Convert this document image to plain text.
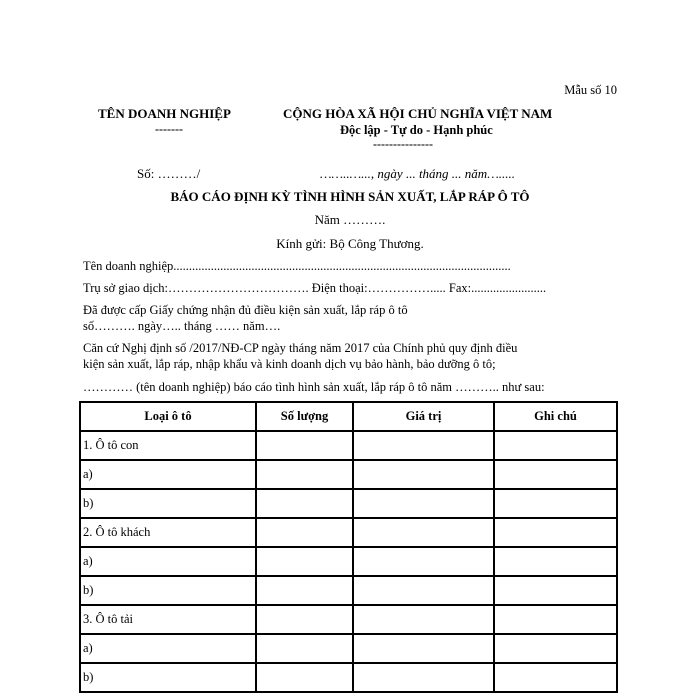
Mẫu số 10
TÊN DOANH NGHIỆP
-------
CỘNG HÒA XÃ HỘI CHỦ NGHĨA VIỆT NAM
Độc lập - Tự do - Hạnh phúc
---------------
Số: ………/	……..…..., ngày ... tháng ... năm….....
BÁO CÁO ĐỊNH KỲ TÌNH HÌNH SẢN XUẤT, LẮP RÁP Ô TÔ
Năm ……….
Kính gửi: Bộ Công Thương.
Tên doanh nghiệp............................................................................................................
Trụ sở giao dịch:……………………………. Điện thoại:……………..... Fax:........................
Đã được cấp Giấy chứng nhận đủ điều kiện sản xuất, lắp ráp ô tô
số………. ngày….. tháng …… năm….
Căn cứ Nghị định số /2017/NĐ-CP ngày tháng năm 2017 của Chính phủ quy định điều
kiện sản xuất, lắp ráp, nhập khẩu và kinh doanh dịch vụ bảo hành, bảo dưỡng ô tô;
………… (tên doanh nghiệp) báo cáo tình hình sản xuất, lắp ráp ô tô năm ……….. như sau:
Loại ô tô	Số lượng	Giá trị	Ghi chú
1. Ô tô con			
a)			
b)			
2. Ô tô khách			
a)			
b)			
3. Ô tô tải			
a)			
b)			
